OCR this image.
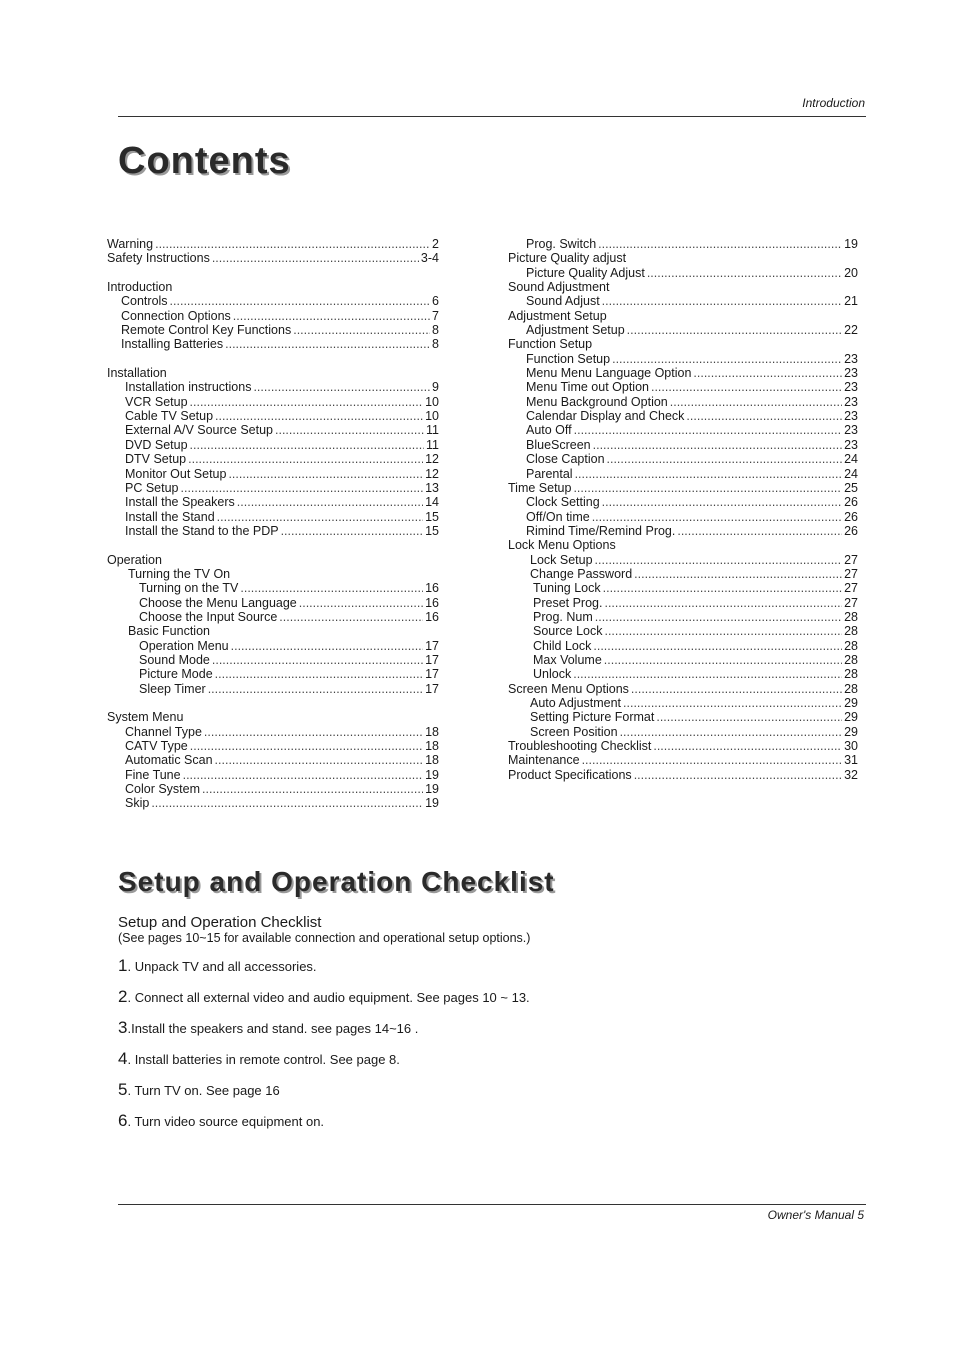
Introduction
Contents
Warning .....	2
Safety Instructions .....	3-4
Introduction
Controls .....	6
Connection Options .....	7
Remote Control Key Functions .....	8
Installing Batteries .....	8
Installation
Installation instructions .....	9
VCR Setup .....	10
Cable TV Setup .....	10
External A/V Source Setup .....	11
DVD Setup .....	11
DTV Setup .....	12
Monitor Out Setup .....	12
PC Setup .....	13
Install the Speakers .....	14
Install the Stand .....	15
Install the Stand to the PDP .....	15
Operation
Turning the TV On
Turning on the TV .....	16
Choose the Menu Language .....	16
Choose the Input Source .....	16
Basic Function
Operation Menu .....	17
Sound Mode .....	17
Picture Mode .....	17
Sleep Timer .....	17
System Menu
Channel Type .....	18
CATV Type .....	18
Automatic Scan .....	18
Fine Tune .....	19
Color System .....	19
Skip .....	19
Prog. Switch .....	19
Picture Quality adjust
Picture Quality Adjust .....	20
Sound Adjustment
Sound Adjust .....	21
Adjustment Setup
Adjustment Setup .....	22
Function Setup
Function Setup .....	23
Menu Menu Language Option .....	23
Menu Time out Option .....	23
Menu Background Option .....	23
Calendar Display and Check .....	23
Auto Off .....	23
BlueScreen .....	23
Close Caption .....	24
Parental .....	24
Time Setup .....	25
Clock Setting .....	26
Off/On time .....	26
Rimind Time/Remind Prog. .....	26
Lock Menu Options
Lock Setup .....	27
Change Password .....	27
Tuning Lock .....	27
Preset Prog. .....	27
Prog. Num .....	28
Source Lock .....	28
Child Lock .....	28
Max Volume .....	28
Unlock .....	28
Screen Menu Options .....	28
Auto Adjustment .....	29
Setting Picture Format .....	29
Screen Position .....	29
Troubleshooting Checklist .....	30
Maintenance .....	31
Product Specifications .....	32
Setup and Operation Checklist
Setup and Operation Checklist
(See pages 10~15 for available connection and operational setup options.)
1. Unpack TV and all accessories.
2. Connect all external video and audio equipment. See pages 10 ~ 13.
3.Install the speakers and stand. see pages 14~16 .
4. Install batteries in remote control. See page 8.
5. Turn TV on. See page 16
6. Turn video source equipment on.
Owner's Manual 5
